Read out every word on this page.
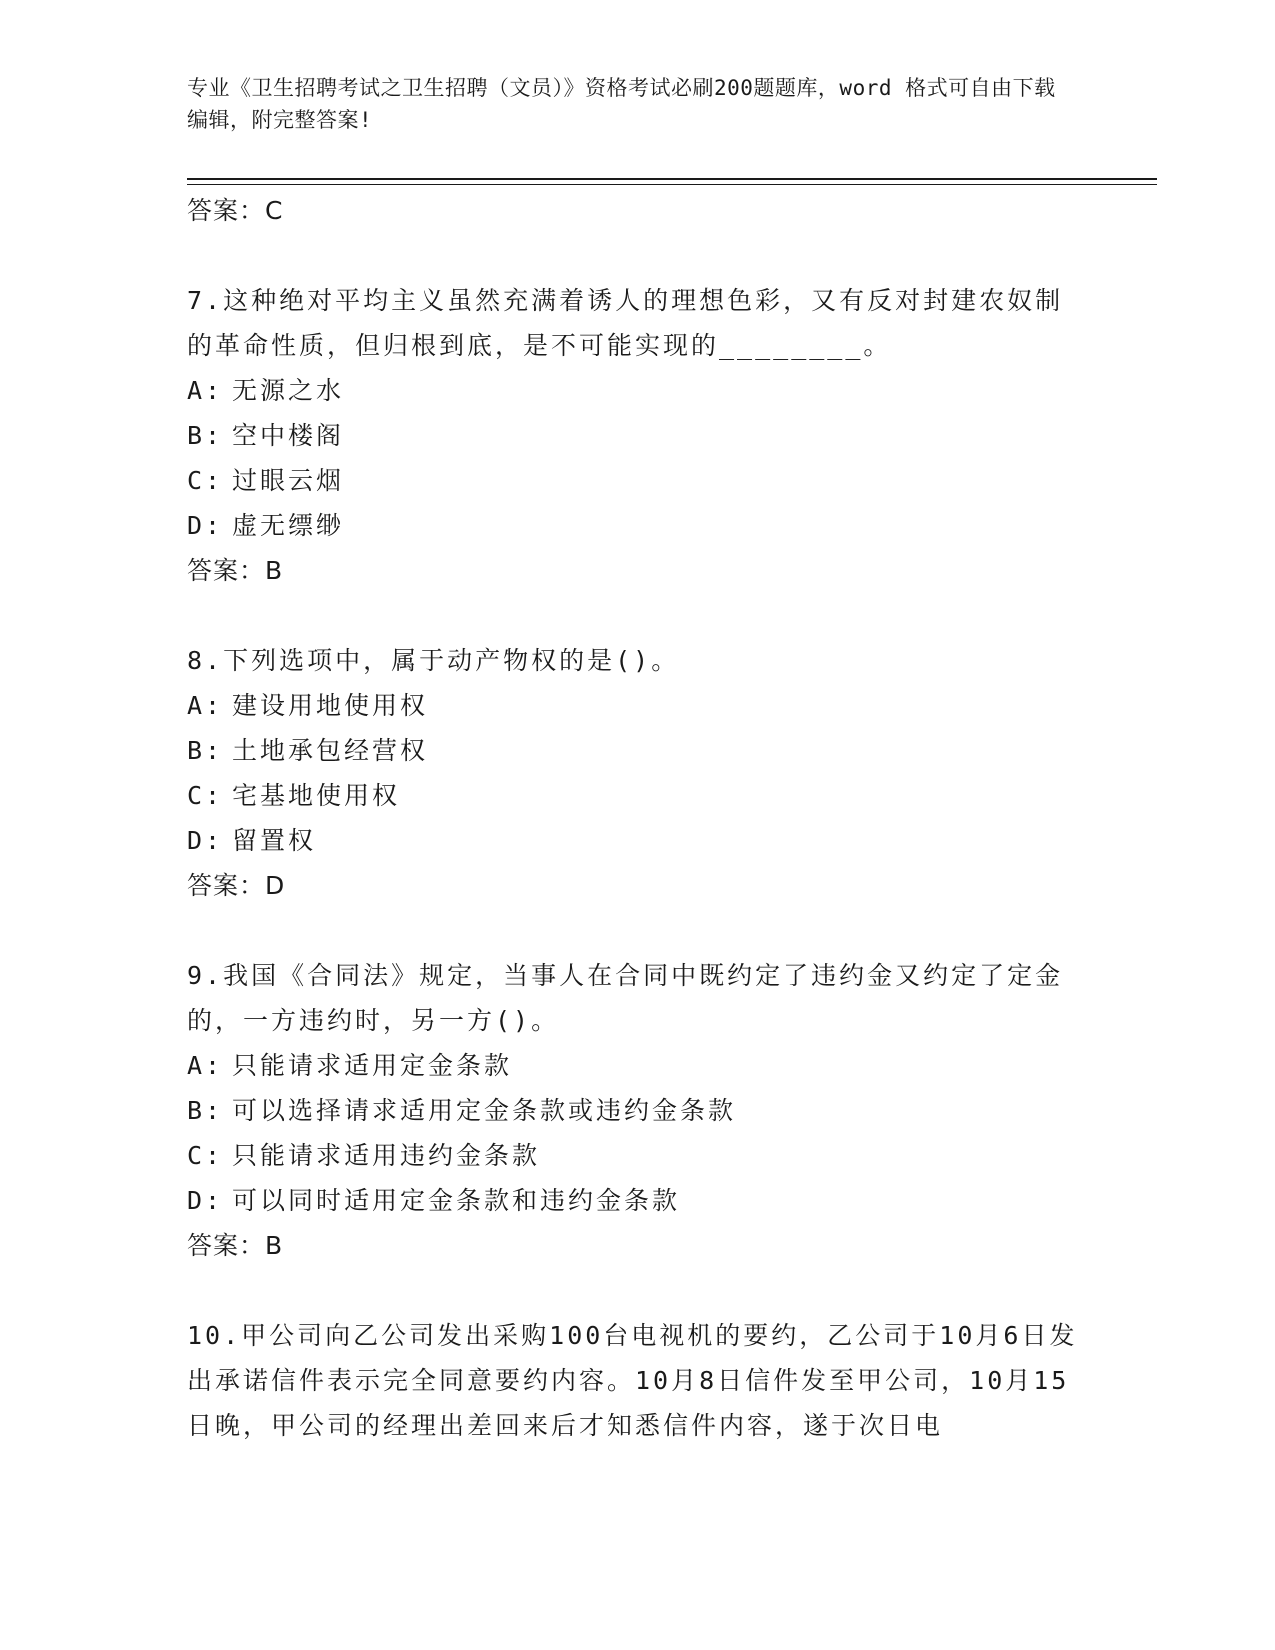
专业《卫生招聘考试之卫生招聘（文员）》资格考试必刷200题题库，word 格式可自由下载编辑，附完整答案!
答案：C
7.这种绝对平均主义虽然充满着诱人的理想色彩，又有反对封建农奴制的革命性质，但归根到底，是不可能实现的________。
A: 无源之水
B: 空中楼阁
C: 过眼云烟
D: 虚无缥缈
答案：B
8.下列选项中，属于动产物权的是()。
A: 建设用地使用权
B: 土地承包经营权
C: 宅基地使用权
D: 留置权
答案：D
9.我国《合同法》规定，当事人在合同中既约定了违约金又约定了定金的，一方违约时，另一方()。
A: 只能请求适用定金条款
B: 可以选择请求适用定金条款或违约金条款
C: 只能请求适用违约金条款
D: 可以同时适用定金条款和违约金条款
答案：B
10.甲公司向乙公司发出采购100台电视机的要约，乙公司于10月6日发出承诺信件表示完全同意要约内容。10月8日信件发至甲公司，10月15日晚，甲公司的经理出差回来后才知悉信件内容，遂于次日电
